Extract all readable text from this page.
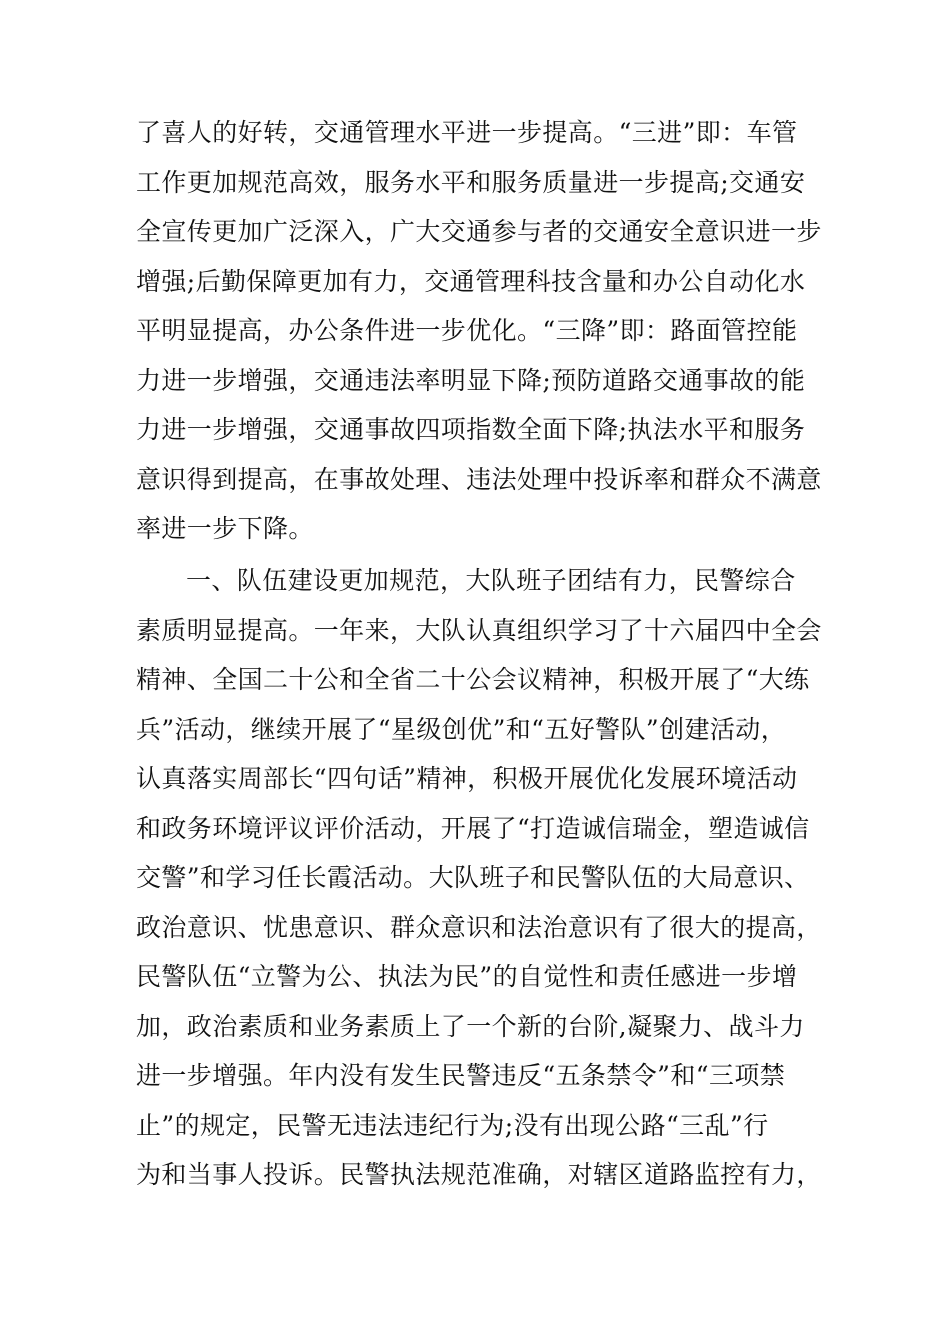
了喜人的好转，交通管理水平进一步提高。“三进”即：车管
工作更加规范高效，服务水平和服务质量进一步提高;交通安
全宣传更加广泛深入，广大交通参与者的交通安全意识进一步
增强;后勤保障更加有力，交通管理科技含量和办公自动化水
平明显提高，办公条件进一步优化。“三降”即：路面管控能
力进一步增强，交通违法率明显下降;预防道路交通事故的能
力进一步增强，交通事故四项指数全面下降;执法水平和服务
意识得到提高，在事故处理、违法处理中投诉率和群众不满意
率进一步下降。
一、队伍建设更加规范，大队班子团结有力，民警综合
素质明显提高。一年来，大队认真组织学习了十六届四中全会
精神、全国二十公和全省二十公会议精神，积极开展了“大练
兵”活动，继续开展了“星级创优”和“五好警队”创建活动，
认真落实周部长“四句话”精神，积极开展优化发展环境活动
和政务环境评议评价活动，开展了“打造诚信瑞金，塑造诚信
交警”和学习任长霞活动。大队班子和民警队伍的大局意识、
政治意识、忧患意识、群众意识和法治意识有了很大的提高，
民警队伍“立警为公、执法为民”的自觉性和责任感进一步增
加，政治素质和业务素质上了一个新的台阶,凝聚力、战斗力
进一步增强。年内没有发生民警违反“五条禁令”和“三项禁
止”的规定，民警无违法违纪行为;没有出现公路“三乱”行
为和当事人投诉。民警执法规范准确，对辖区道路监控有力，
